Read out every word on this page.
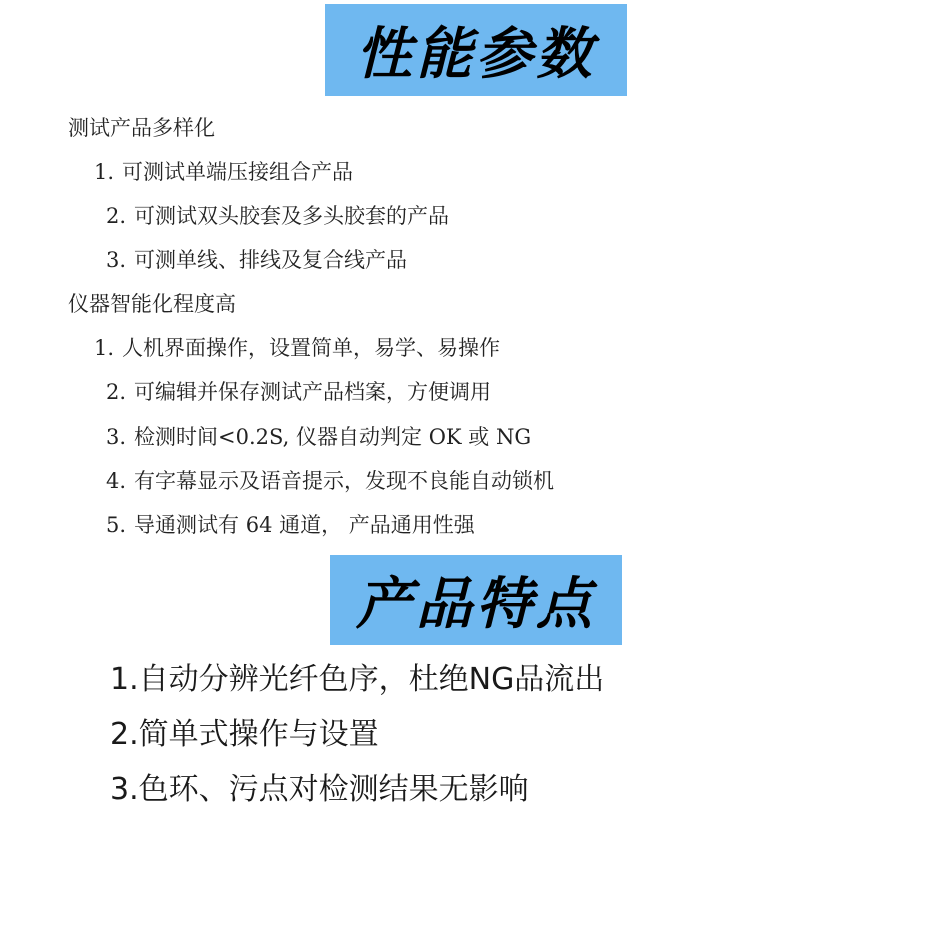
性能参数
测试产品多样化
1. 可测试单端压接组合产品
2. 可测试双头胶套及多头胶套的产品
3. 可测单线、排线及复合线产品
仪器智能化程度高
1. 人机界面操作，设置简单，易学、易操作
2. 可编辑并保存测试产品档案，方便调用
3. 检测时间<0.2S, 仪器自动判定 OK 或 NG
4. 有字幕显示及语音提示，发现不良能自动锁机
5. 导通测试有 64 通道， 产品通用性强
产品特点
1.自动分辨光纤色序，杜绝NG品流出
2.简单式操作与设置
3.色环、污点对检测结果无影响
